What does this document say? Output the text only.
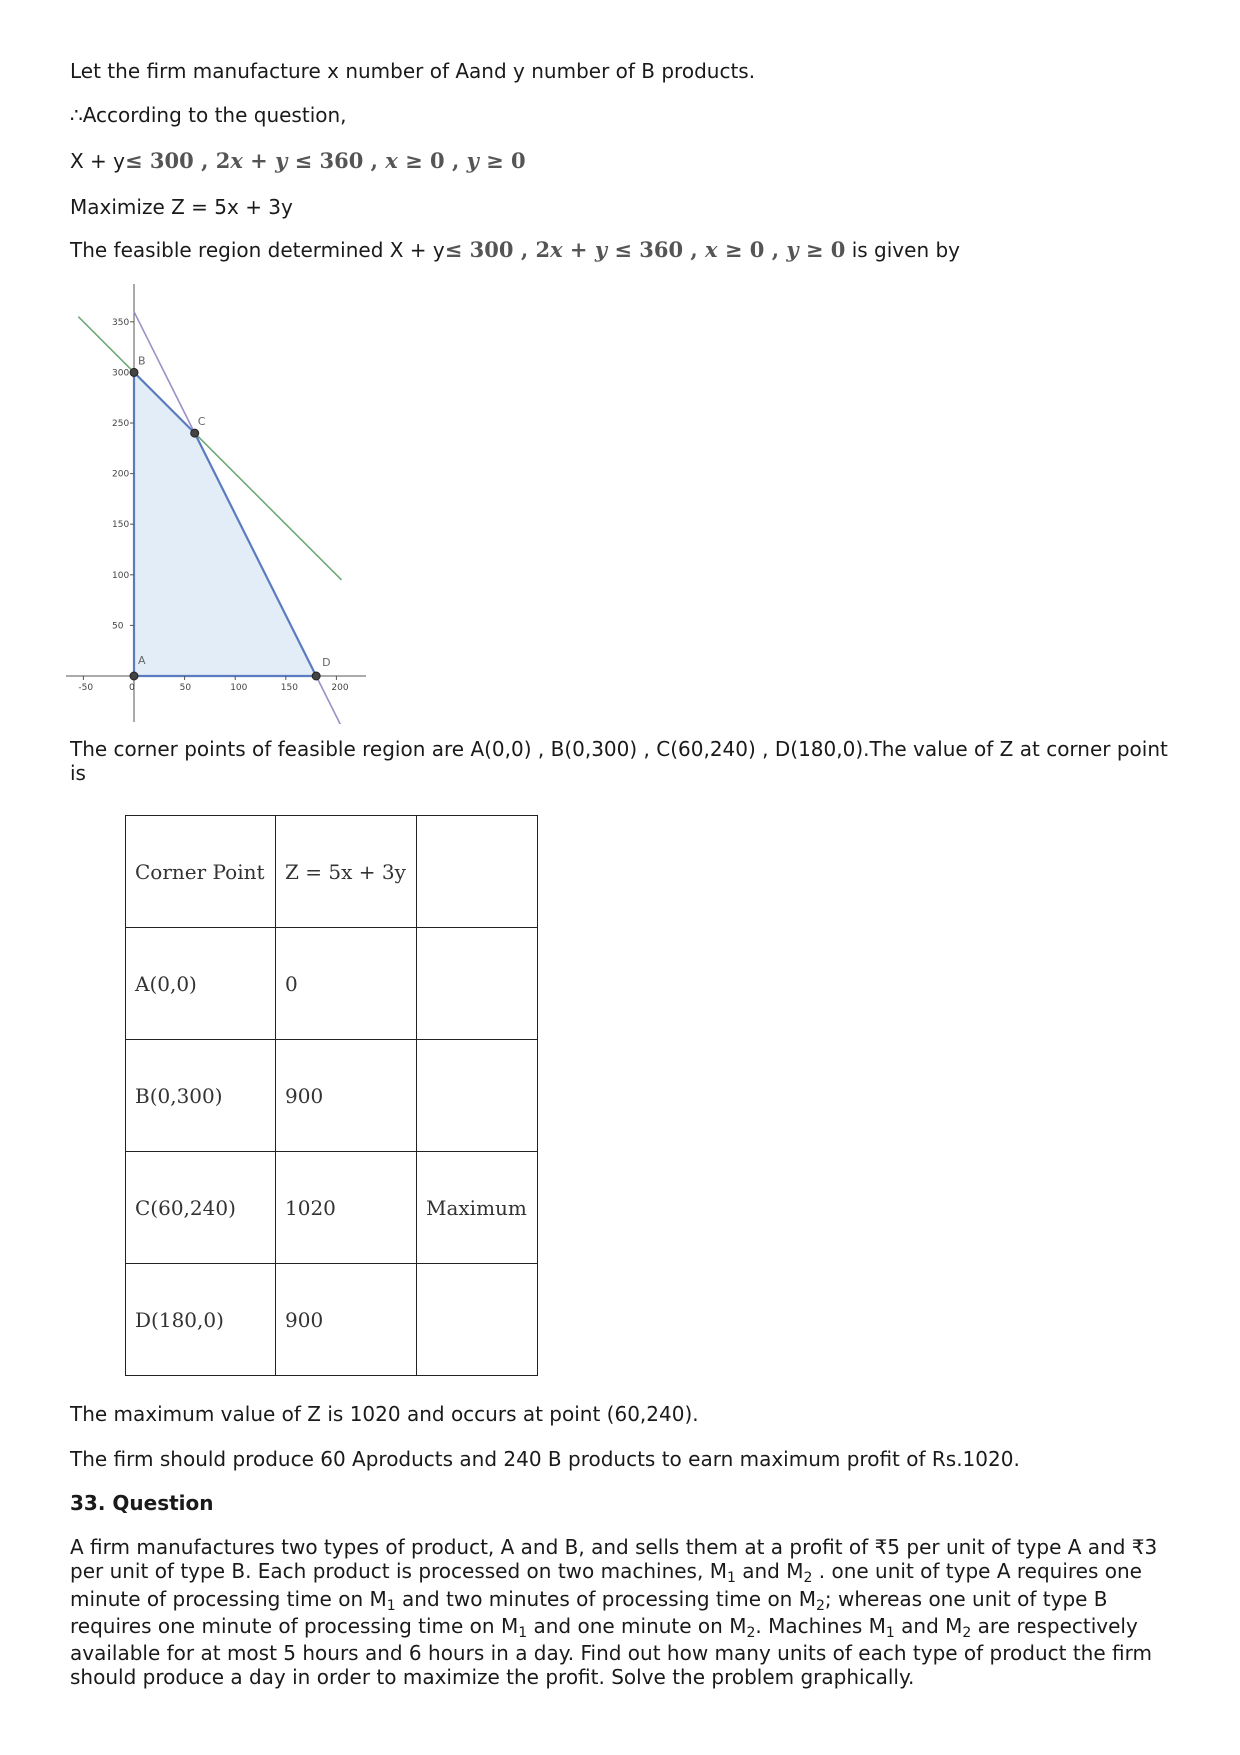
Let the firm manufacture x number of Aand y number of B products.

∴According to the question,

X + y≤ 300 , 2x + y ≤ 360 , x ≥ 0 , y ≥ 0

Maximize Z = 5x + 3y

The feasible region determined X + y≤ 300 , 2x + y ≤ 360 , x ≥ 0 , y ≥ 0 is given by

-50	0	50	100	150	200
350
300
250
200
150
100
50
A
B
C
D

The corner points of feasible region are A(0,0) , B(0,300) , C(60,240) , D(180,0).The value of Z at corner point

is

Corner Point	Z = 5x + 3y	
A(0,0)	0	
B(0,300)	900	
C(60,240)	1020	Maximum
D(180,0)	900	

The maximum value of Z is 1020 and occurs at point (60,240).

The firm should produce 60 Aproducts and 240 B products to earn maximum profit of Rs.1020.

33. Question

A firm manufactures two types of product, A and B, and sells them at a profit of ₹5 per unit of type A and ₹3

per unit of type B. Each product is processed on two machines, $M_1$ and $M_2$ . one unit of type A requires one

minute of processing time on $M_1$ and two minutes of processing time on $M_2$; whereas one unit of type B

requires one minute of processing time on $M_1$ and one minute on $M_2$. Machines $M_1$ and $M_2$ are respectively

available for at most 5 hours and 6 hours in a day. Find out how many units of each type of product the firm

should produce a day in order to maximize the profit. Solve the problem graphically.
